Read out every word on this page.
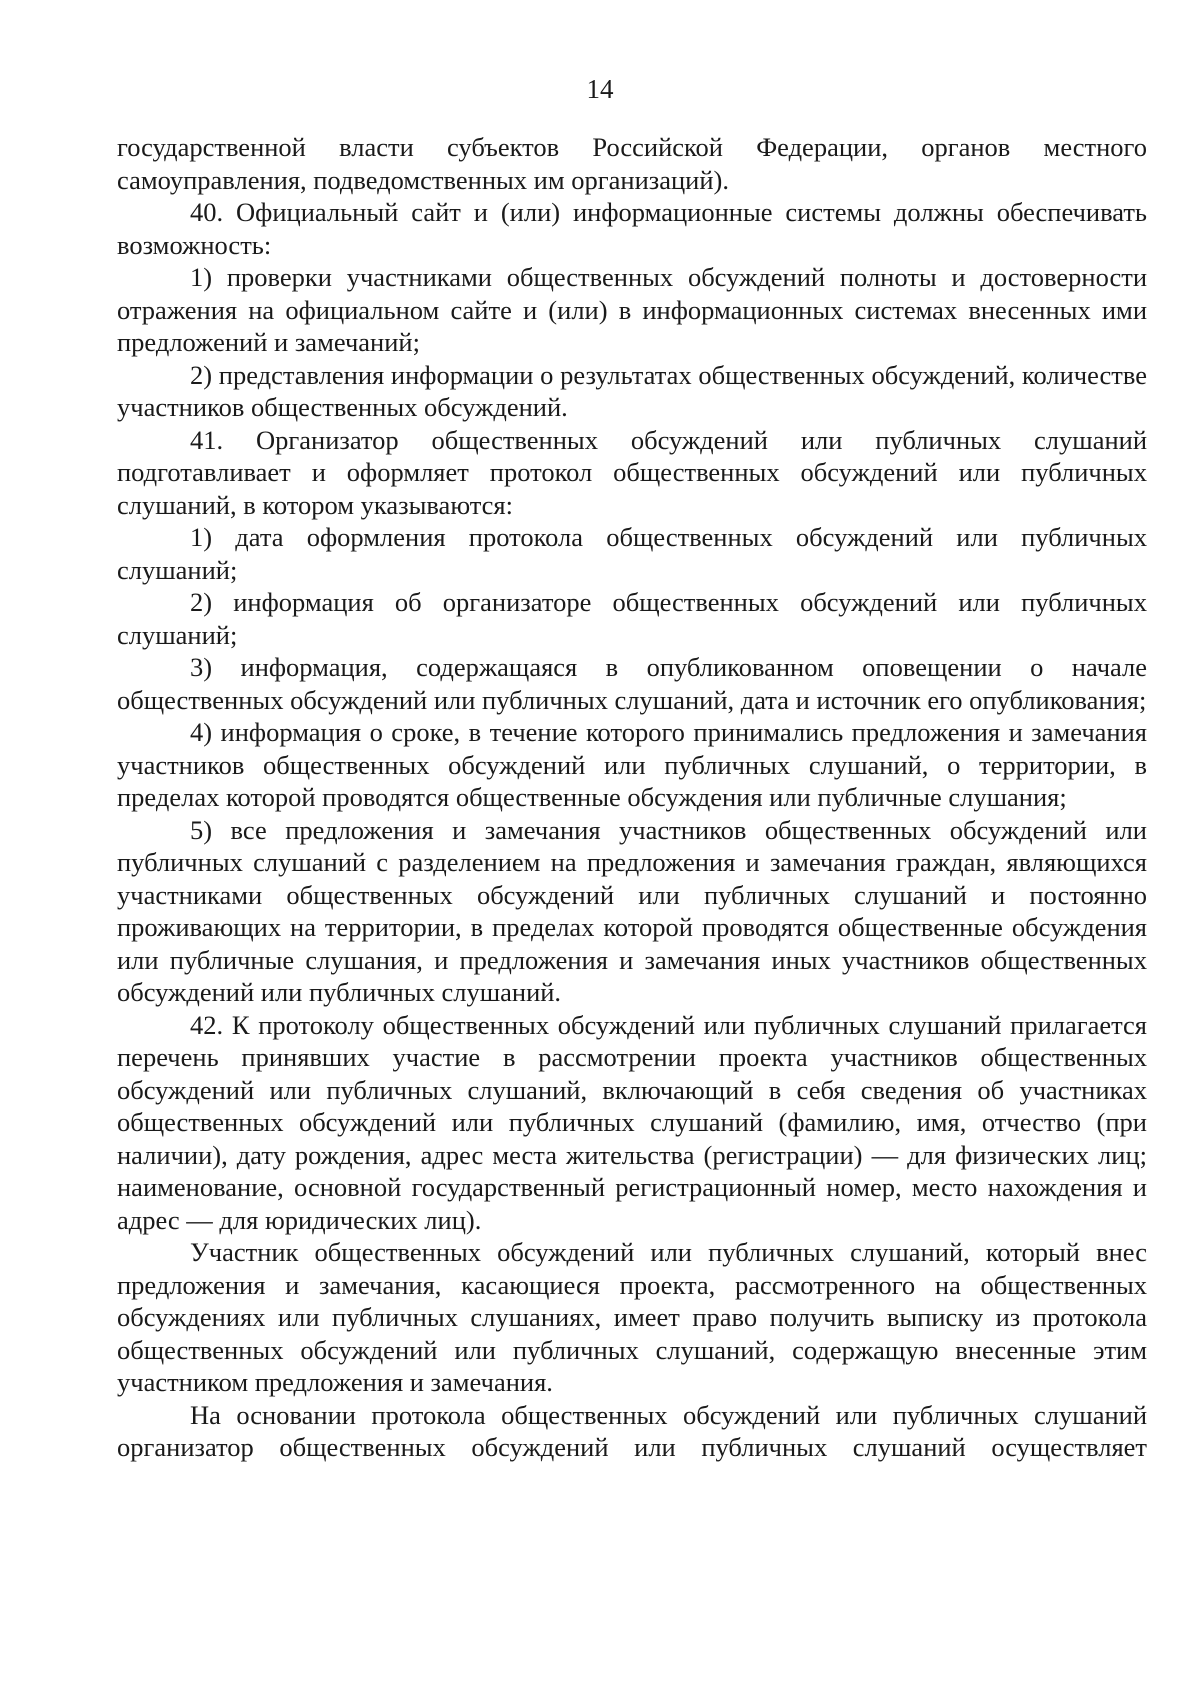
14

государственной власти субъектов Российской Федерации, органов местного самоуправления, подведомственных им организаций).

40. Официальный сайт и (или) информационные системы должны обеспечивать возможность:

1) проверки участниками общественных обсуждений полноты и достоверности отражения на официальном сайте и (или) в информационных системах внесенных ими предложений и замечаний;

2) представления информации о результатах общественных обсуждений, количестве участников общественных обсуждений.

41. Организатор общественных обсуждений или публичных слушаний подготавливает и оформляет протокол общественных обсуждений или публичных слушаний, в котором указываются:

1) дата оформления протокола общественных обсуждений или публичных слушаний;

2) информация об организаторе общественных обсуждений или публичных слушаний;

3) информация, содержащаяся в опубликованном оповещении о начале общественных обсуждений или публичных слушаний, дата и источник его опубликования;

4) информация о сроке, в течение которого принимались предложения и замечания участников общественных обсуждений или публичных слушаний, о территории, в пределах которой проводятся общественные обсуждения или публичные слушания;

5) все предложения и замечания участников общественных обсуждений или публичных слушаний с разделением на предложения и замечания граждан, являющихся участниками общественных обсуждений или публичных слушаний и постоянно проживающих на территории, в пределах которой проводятся общественные обсуждения или публичные слушания, и предложения и замечания иных участников общественных обсуждений или публичных слушаний.

42. К протоколу общественных обсуждений или публичных слушаний прилагается перечень принявших участие в рассмотрении проекта участников общественных обсуждений или публичных слушаний, включающий в себя сведения об участниках общественных обсуждений или публичных слушаний (фамилию, имя, отчество (при наличии), дату рождения, адрес места жительства (регистрации) — для физических лиц; наименование, основной государственный регистрационный номер, место нахождения и адрес — для юридических лиц).

Участник общественных обсуждений или публичных слушаний, который внес предложения и замечания, касающиеся проекта, рассмотренного на общественных обсуждениях или публичных слушаниях, имеет право получить выписку из протокола общественных обсуждений или публичных слушаний, содержащую внесенные этим участником предложения и замечания.

На основании протокола общественных обсуждений или публичных слушаний организатор общественных обсуждений или публичных слушаний осуществляет
